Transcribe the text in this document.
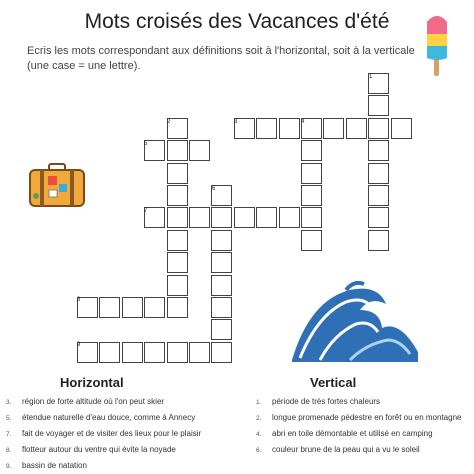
Mots croisés des Vacances d'été
Ecris les mots correspondant aux définitions soit à l'horizontal, soit à la verticale
(une case = une lettre).
1
2	3	4
5
6
7
8
9
Horizontal	Vertical
3. région de forte altitude où l'on peut skier
5. étendue naturelle d'eau douce, comme à Annecy
7. fait de voyager et de visiter des lieux pour le plaisir
8. flotteur autour du ventre qui évite la noyade
9. bassin de natation
1. période de très fortes chaleurs
2. longue promenade pédestre en forêt ou en montagne
4. abri en toile démontable et utilisé en camping
6. couleur brune de la peau qui a vu le soleil
